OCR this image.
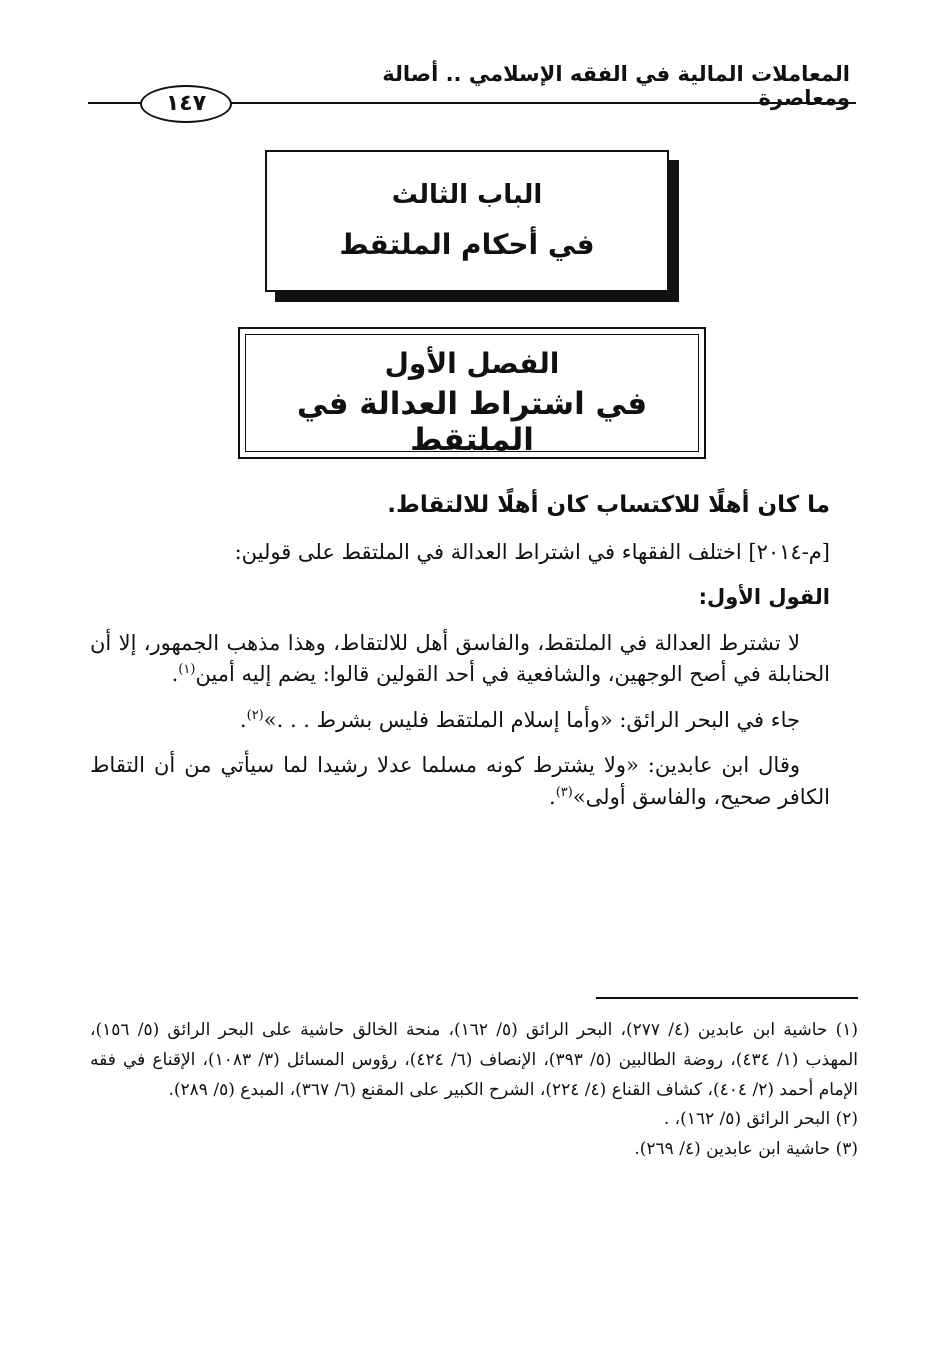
المعاملات المالية في الفقه الإسلامي .. أصالة ومعاصرة
١٤٧
الباب الثالث
في أحكام الملتقط
الفصل الأول
في اشتراط العدالة في الملتقط

ما كان أهلًا للاكتساب كان أهلًا للالتقاط.

[م-٢٠١٤] اختلف الفقهاء في اشتراط العدالة في الملتقط على قولين:

القول الأول:

لا تشترط العدالة في الملتقط، والفاسق أهل للالتقاط، وهذا مذهب الجمهور، إلا أن الحنابلة في أصح الوجهين، والشافعية في أحد القولين قالوا: يضم إليه أمين$^{(١)}$.

جاء في البحر الرائق: «وأما إسلام الملتقط فليس بشرط . . .»$^{(٢)}$.

وقال ابن عابدين: «ولا يشترط كونه مسلما عدلا رشيدا لما سيأتي من أن التقاط الكافر صحيح، والفاسق أولى»$^{(٣)}$.

(١) حاشية ابن عابدين (٤/ ٢٧٧)، البحر الرائق (٥/ ١٦٢)، منحة الخالق حاشية على البحر الرائق (٥/ ١٥٦)، المهذب (١/ ٤٣٤)، روضة الطالبين (٥/ ٣٩٣)، الإنصاف (٦/ ٤٢٤)، رؤوس المسائل (٣/ ١٠٨٣)، الإقناع في فقه الإمام أحمد (٢/ ٤٠٤)، كشاف القناع (٤/ ٢٢٤)، الشرح الكبير على المقنع (٦/ ٣٦٧)، المبدع (٥/ ٢٨٩).

(٢) البحر الرائق (٥/ ١٦٢)، .

(٣) حاشية ابن عابدين (٤/ ٢٦٩).
